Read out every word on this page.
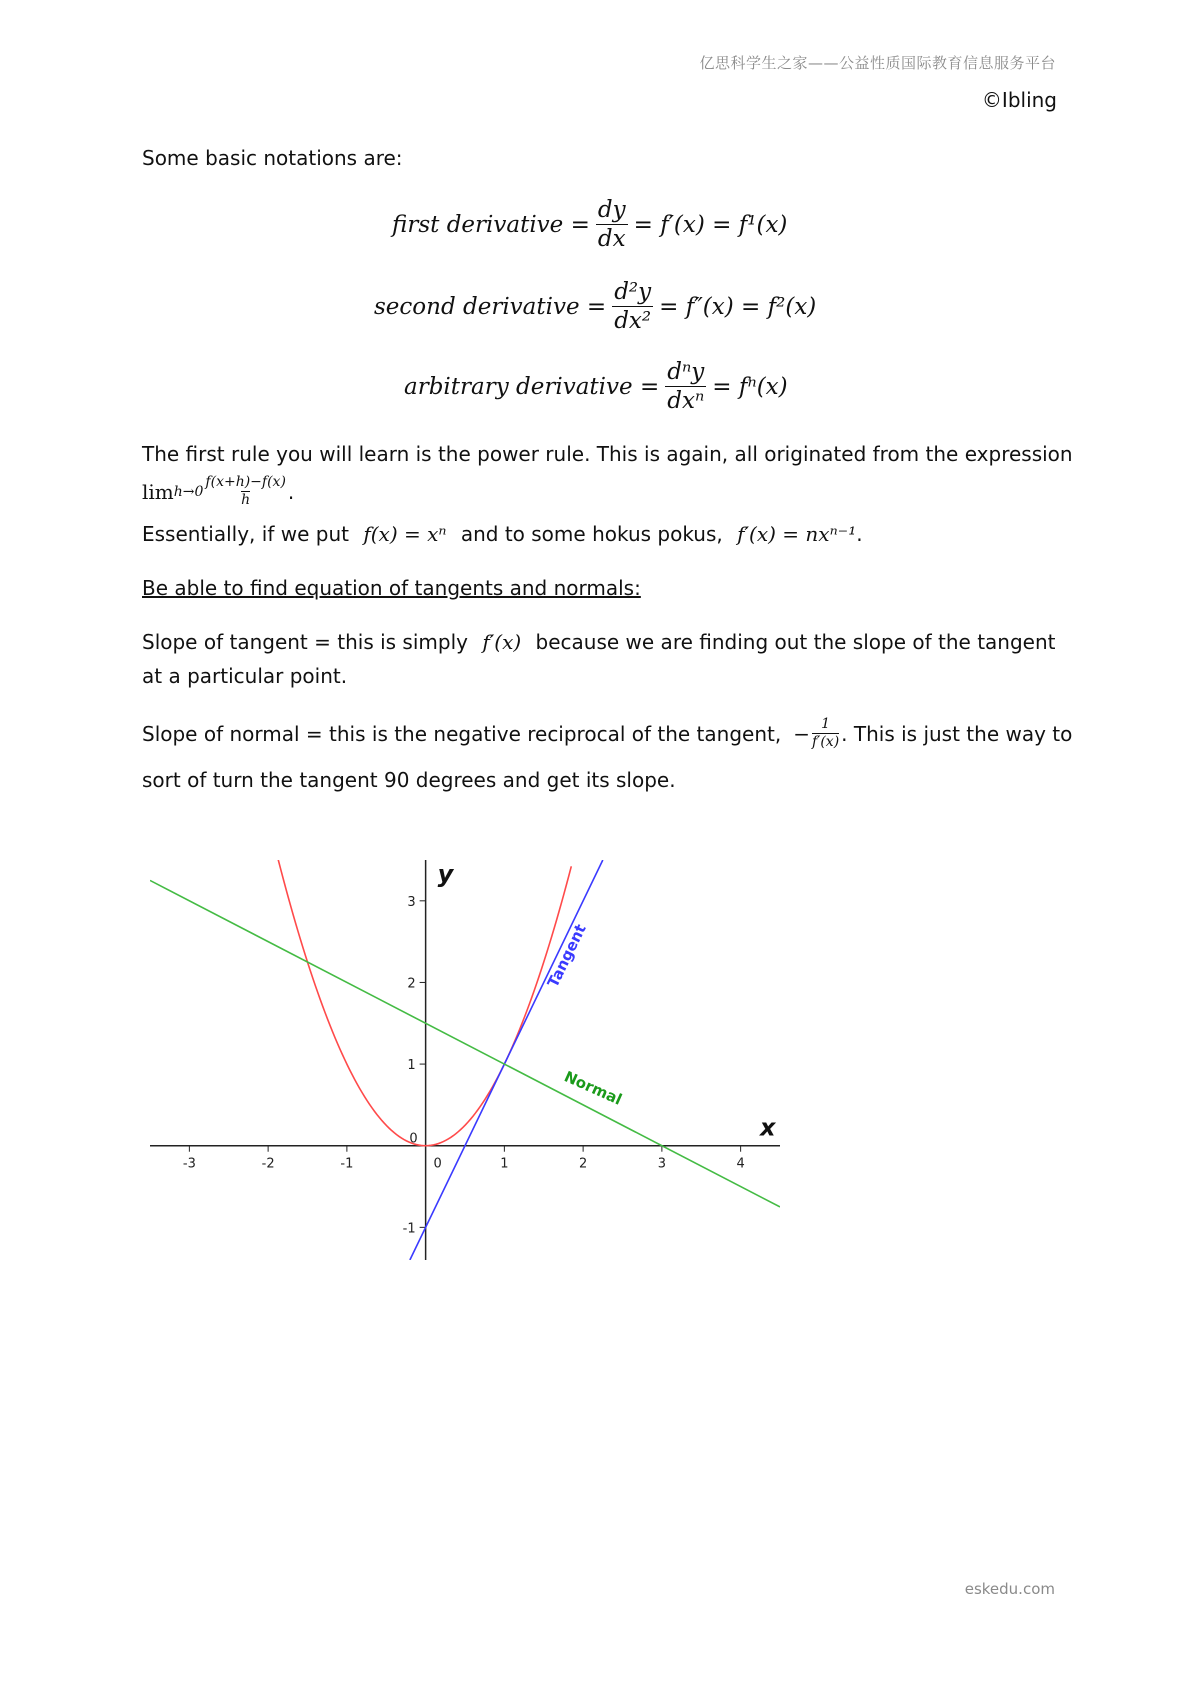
亿思科学生之家——公益性质国际教育信息服务平台
©Ibling
Some basic notations are:
first derivative = $\frac{dy}{dx} = f'(x) = f^1(x)$
second derivative = $\frac{\text{d²y}}{\text{dx²}} = f''(x) = f^2(x)$
arbitrary derivative = $\frac{\text{dⁿy}}{\text{dxⁿ}} = f^n(x)$
The first rule you will learn is the power rule. This is again, all originated from the expression
$\lim h\to 0 \frac{f(x+h)-f(x)}{h}$ .
Essentially, if we put f(x) = xⁿ and to some hokus pokus, f′(x) = nxⁿ⁻¹.
Be able to find equation of tangents and normals:
Slope of tangent = this is simply f′(x) because we are finding out the slope of the tangent
at a particular point.
Slope of normal = this is the negative reciprocal of the tangent, − $\frac{1}{f'(x)}$ . This is just the way to
sort of turn the tangent 90 degrees and get its slope.
-3	-2	-1	1	2	3	4
-1
1
2
3
0
0
x
y
Tangent
Normal
eskedu.com
